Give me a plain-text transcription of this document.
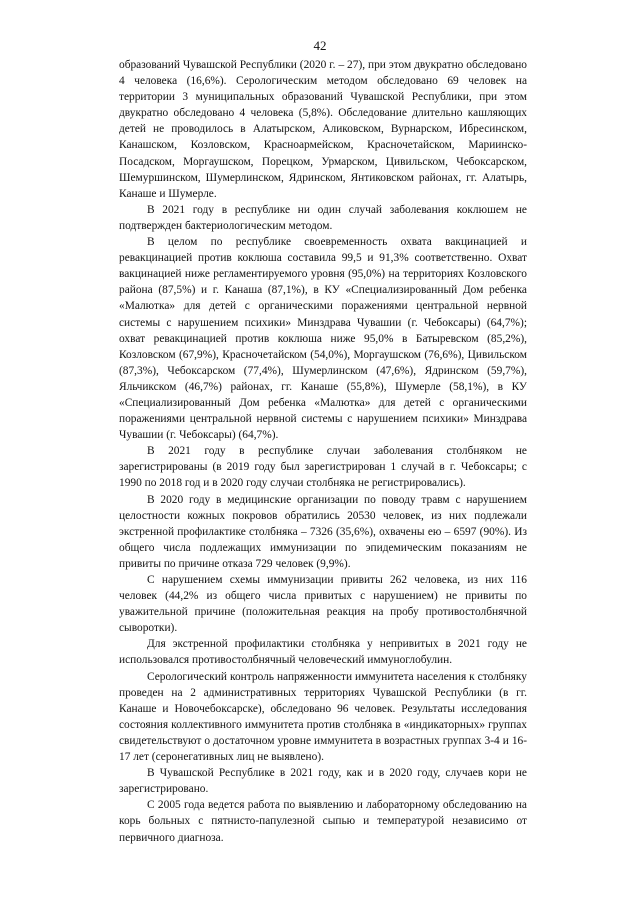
42

образований Чувашской Республики (2020 г. – 27), при этом двукратно обследовано 4 человека (16,6%). Серологическим методом обследовано 69 человек на территории 3 муниципальных образований Чувашской Республики, при этом двукратно обследовано 4 человека (5,8%). Обследование длительно кашляющих детей не проводилось в Алатырском, Аликовском, Вурнарском, Ибресинском, Канашском, Козловском, Красноармейском, Красночетайском, Мариинско-Посадском, Моргаушском, Порецком, Урмарском, Цивильском, Чебоксарском, Шемуршинском, Шумерлинском, Ядринском, Янтиковском районах, гг. Алатырь, Канаше и Шумерле.

В 2021 году в республике ни один случай заболевания коклюшем не подтвержден бактериологическим методом.

В целом по республике своевременность охвата вакцинацией и ревакцинацией против коклюша составила 99,5 и 91,3% соответственно. Охват вакцинацией ниже регламентируемого уровня (95,0%) на территориях Козловского района (87,5%) и г. Канаша (87,1%), в КУ «Специализированный Дом ребенка «Малютка» для детей с органическими поражениями центральной нервной системы с нарушением психики» Минздрава Чувашии (г. Чебоксары) (64,7%); охват ревакцинацией против коклюша ниже 95,0% в Батыревском (85,2%), Козловском (67,9%), Красночетайском (54,0%), Моргаушском (76,6%), Цивильском (87,3%), Чебоксарском (77,4%), Шумерлинском (47,6%), Ядринском (59,7%), Яльчикском (46,7%) районах, гг. Канаше (55,8%), Шумерле (58,1%), в КУ «Специализированный Дом ребенка «Малютка» для детей с органическими поражениями центральной нервной системы с нарушением психики» Минздрава Чувашии (г. Чебоксары) (64,7%).

В 2021 году в республике случаи заболевания столбняком не зарегистрированы (в 2019 году был зарегистрирован 1 случай в г. Чебоксары; с 1990 по 2018 год и в 2020 году случаи столбняка не регистрировались).

В 2020 году в медицинские организации по поводу травм с нарушением целостности кожных покровов обратились 20530 человек, из них подлежали экстренной профилактике столбняка – 7326 (35,6%), охвачены ею – 6597 (90%). Из общего числа подлежащих иммунизации по эпидемическим показаниям не привиты по причине отказа 729 человек (9,9%).

С нарушением схемы иммунизации привиты 262 человека, из них 116 человек (44,2% из общего числа привитых с нарушением) не привиты по уважительной причине (положительная реакция на пробу противостолбнячной сыворотки).

Для экстренной профилактики столбняка у непривитых в 2021 году не использовался противостолбнячный человеческий иммуноглобулин.

Серологический контроль напряженности иммунитета населения к столбняку проведен на 2 административных территориях Чувашской Республики (в гг. Канаше и Новочебоксарске), обследовано 96 человек. Результаты исследования состояния коллективного иммунитета против столбняка в «индикаторных» группах свидетельствуют о достаточном уровне иммунитета в возрастных группах 3-4 и 16-17 лет (серонегативных лиц не выявлено).

В Чувашской Республике в 2021 году, как и в 2020 году, случаев кори не зарегистрировано.

С 2005 года ведется работа по выявлению и лабораторному обследованию на корь больных с пятнисто-папулезной сыпью и температурой независимо от первичного диагноза.
